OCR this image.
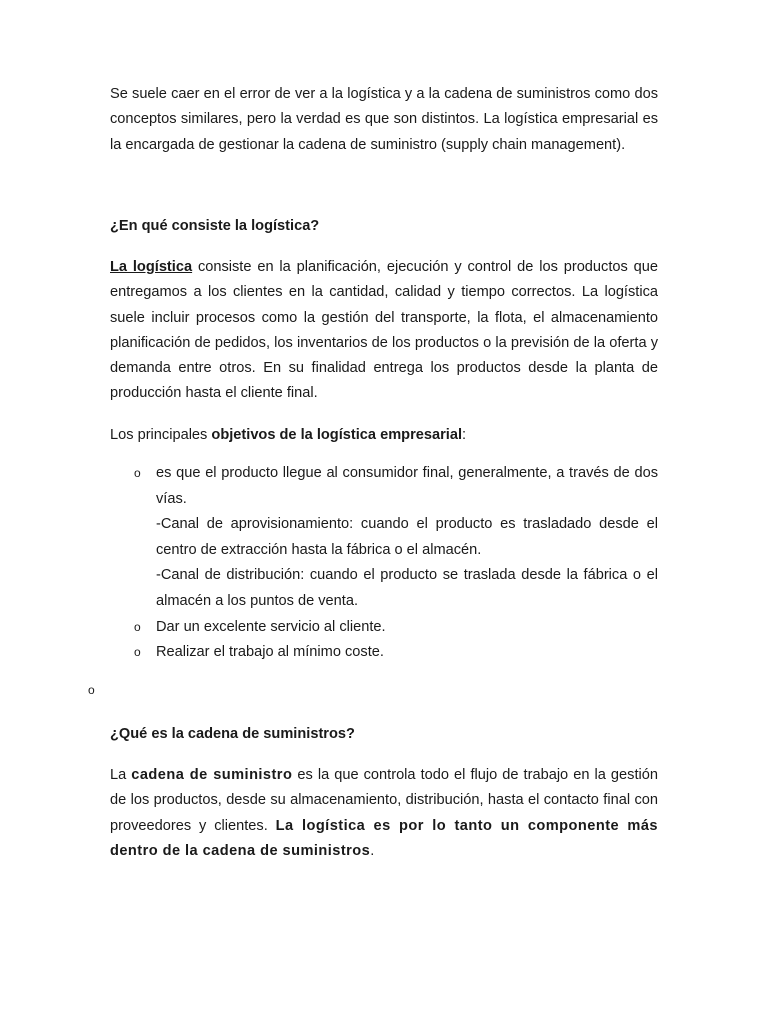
Se suele caer en el error de ver a la logística y a la cadena de suministros como dos conceptos similares, pero la verdad es que son distintos. La logística empresarial es la encargada de gestionar la cadena de suministro (supply chain management).

¿En qué consiste la logística?

La logística consiste en la planificación, ejecución y control de los productos que entregamos a los clientes en la cantidad, calidad y tiempo correctos. La logística suele incluir procesos como la gestión del transporte, la flota, el almacenamiento planificación de pedidos, los inventarios de los productos o la previsión de la oferta y demanda entre otros. En su finalidad entrega los productos desde la planta de producción hasta el cliente final.

Los principales objetivos de la logística empresarial:

o es que el producto llegue al consumidor final, generalmente, a través de dos vías.
-Canal de aprovisionamiento: cuando el producto es trasladado desde el centro de extracción hasta la fábrica o el almacén.
-Canal de distribución: cuando el producto se traslada desde la fábrica o el almacén a los puntos de venta.
o Dar un excelente servicio al cliente.
o Realizar el trabajo al mínimo coste.
o

¿Qué es la cadena de suministros?

La cadena de suministro es la que controla todo el flujo de trabajo en la gestión de los productos, desde su almacenamiento, distribución, hasta el contacto final con proveedores y clientes. La logística es por lo tanto un componente más dentro de la cadena de suministros.
